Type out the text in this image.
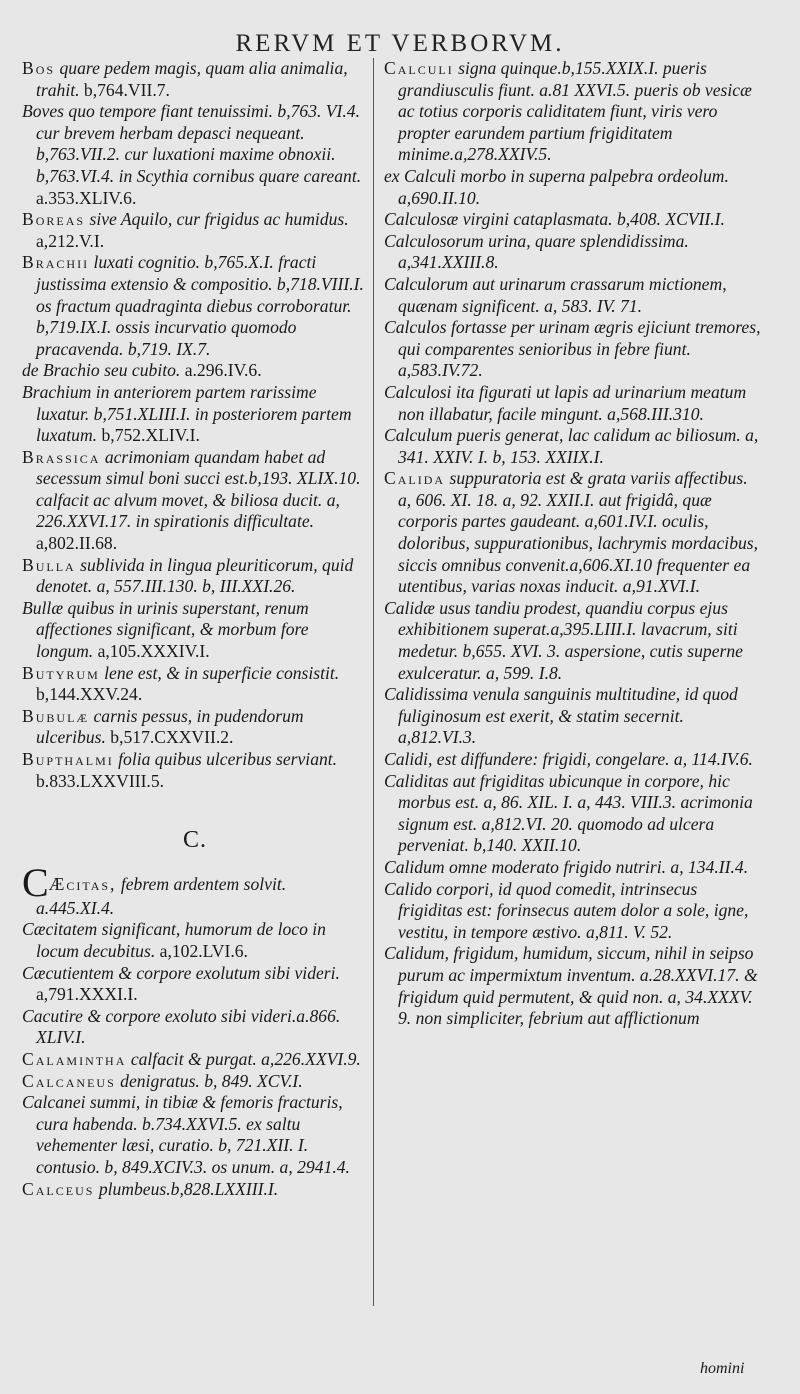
RERVM ET VERBORVM.

Bos quare pedem magis, quam alia animalia, trahit. b,764.VII.7.

Boves quo tempore fiant tenuissimi. b,763. VI.4. cur brevem herbam depasci nequeant. b,763.VII.2. cur luxationi maxime obnoxii. b,763.VI.4. in Scythia cornibus quare careant. a.353.XLIV.6.

Boreas sive Aquilo, cur frigidus ac humidus. a,212.V.I.

Brachii luxati cognitio. b,765.X.I. fracti justissima extensio & compositio. b,718.VIII.I. os fractum quadraginta diebus corroboratur. b,719.IX.I. ossis incurvatio quomodo pracavenda. b,719. IX.7.

de Brachio seu cubito. a.296.IV.6.

Brachium in anteriorem partem rarissime luxatur. b,751.XLIII.I. in posteriorem partem luxatum. b,752.XLIV.I.

Brassica acrimoniam quandam habet ad secessum simul boni succi est.b,193. XLIX.10. calfacit ac alvum movet, & biliosa ducit. a, 226.XXVI.17. in spirationis difficultate. a,802.II.68.

Bulla sublivida in lingua pleuriticorum, quid denotet. a, 557.III.130. b, III.XXI.26.

Bullæ quibus in urinis superstant, renum affectiones significant, & morbum fore longum. a,105.XXXIV.I.

Butyrum lene est, & in superficie consistit. b,144.XXV.24.

Bubulæ carnis pessus, in pudendorum ulceribus. b,517.CXXVII.2.

Bupthalmi folia quibus ulceribus serviant. b.833.LXXVIII.5.

C.

CÆcitas, febrem ardentem solvit. a.445.XI.4.

Cæcitatem significant, humorum de loco in locum decubitus. a,102.LVI.6.

Cæcutientem & corpore exolutum sibi videri. a,791.XXXI.I.

Cacutire & corpore exoluto sibi videri.a.866. XLIV.I.

Calamintha calfacit & purgat. a,226.XXVI.9.

Calcaneus denigratus. b, 849. XCV.I.

Calcanei summi, in tibiæ & femoris fracturis, cura habenda. b.734.XXVI.5. ex saltu vehementer læsi, curatio. b, 721.XII. I. contusio. b, 849.XCIV.3. os unum. a, 2941.4.

Calceus plumbeus.b,828.LXXIII.I.

Calculi signa quinque.b,155.XXIX.I. pueris grandiusculis fiunt. a.81 XXVI.5. pueris ob vesicæ ac totius corporis caliditatem fiunt, viris vero propter earundem partium frigiditatem minime.a,278.XXIV.5.

ex Calculi morbo in superna palpebra ordeolum. a,690.II.10.

Calculosæ virgini cataplasmata. b,408. XCVII.I.

Calculosorum urina, quare splendidissima. a,341.XXIII.8.

Calculorum aut urinarum crassarum mictionem, quænam significent. a, 583. IV. 71.

Calculos fortasse per urinam ægris ejiciunt tremores, qui comparentes senioribus in febre fiunt. a,583.IV.72.

Calculosi ita figurati ut lapis ad urinarium meatum non illabatur, facile mingunt. a,568.III.310.

Calculum pueris generat, lac calidum ac biliosum. a, 341. XXIV. I. b, 153. XXIIX.I.

Calida suppuratoria est & grata variis affectibus. a, 606. XI. 18. a, 92. XXII.I. aut frigidâ, quæ corporis partes gaudeant. a,601.IV.I. oculis, doloribus, suppurationibus, lachrymis mordacibus, siccis omnibus convenit.a,606.XI.10 frequenter ea utentibus, varias noxas inducit. a,91.XVI.I.

Calidæ usus tandiu prodest, quandiu corpus ejus exhibitionem superat.a,395.LIII.I. lavacrum, siti medetur. b,655. XVI. 3. aspersione, cutis superne exulceratur. a, 599. I.8.

Calidissima venula sanguinis multitudine, id quod fuliginosum est exerit, & statim secernit. a,812.VI.3.

Calidi, est diffundere: frigidi, congelare. a, 114.IV.6.

Caliditas aut frigiditas ubicunque in corpore, hic morbus est. a, 86. XIL. I. a, 443. VIII.3. acrimonia signum est. a,812.VI. 20. quomodo ad ulcera perveniat. b,140. XXII.10.

Calidum omne moderato frigido nutriri. a, 134.II.4.

Calido corpori, id quod comedit, intrinsecus frigiditas est: forinsecus autem dolor a sole, igne, vestitu, in tempore æstivo. a,811. V. 52.

Calidum, frigidum, humidum, siccum, nihil in seipso purum ac impermixtum inventum. a.28.XXVI.17. & frigidum quid permutent, & quid non. a, 34.XXXV. 9. non simpliciter, febrium aut afflictionum

homini
